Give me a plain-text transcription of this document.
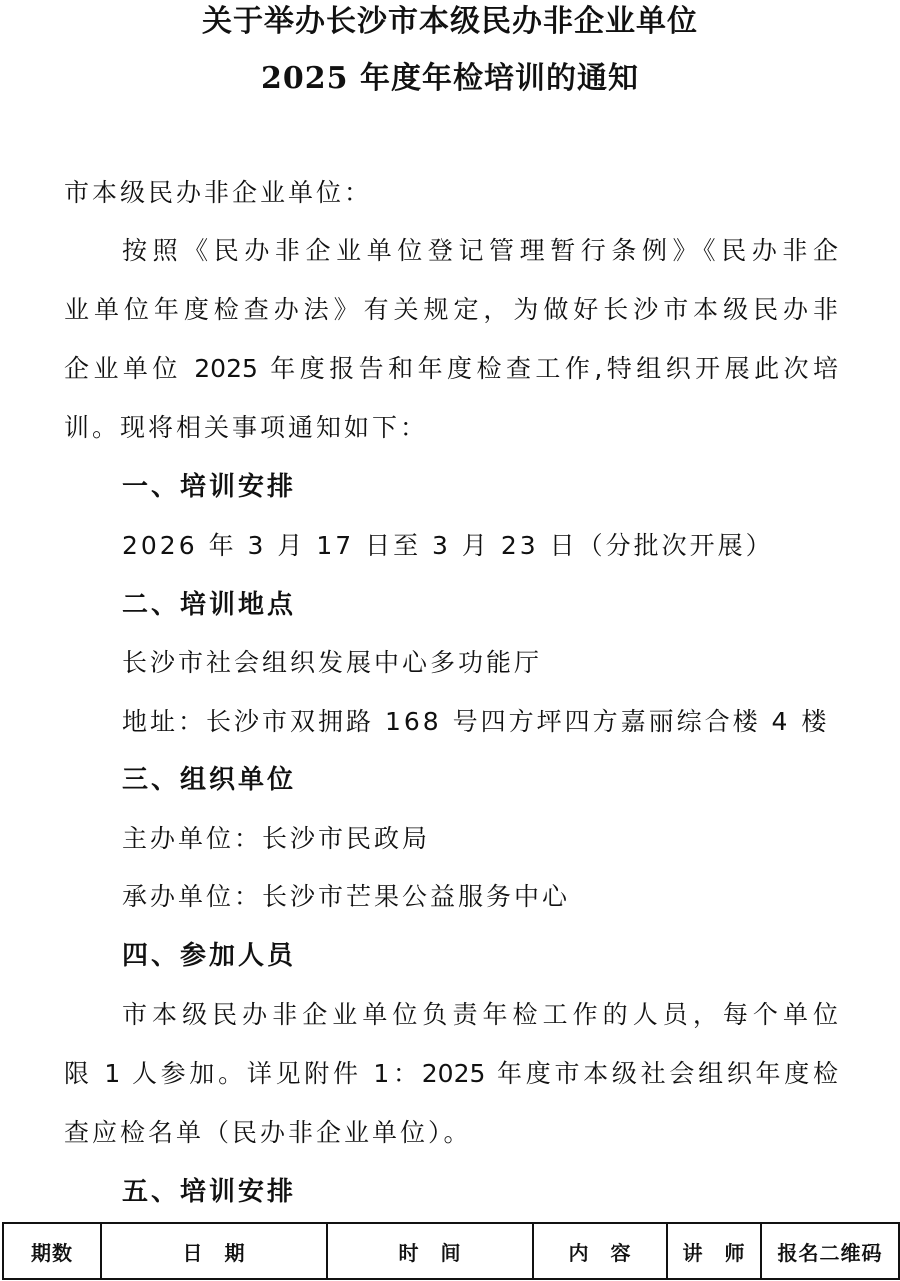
关于举办长沙市本级民办非企业单位
2025 年度年检培训的通知
市本级民办非企业单位：
按照《民办非企业单位登记管理暂行条例》《民办非企
业单位年度检查办法》有关规定，为做好长沙市本级民办非
企业单位 2025 年度报告和年度检查工作,特组织开展此次培
训。现将相关事项通知如下：
一、培训安排
2026 年 3 月 17 日至 3 月 23 日（分批次开展）
二、培训地点
长沙市社会组织发展中心多功能厅
地址：长沙市双拥路 168 号四方坪四方嘉丽综合楼 4 楼
三、组织单位
主办单位：长沙市民政局
承办单位：长沙市芒果公益服务中心
四、参加人员
市本级民办非企业单位负责年检工作的人员，每个单位
限 1 人参加。详见附件 1：2025 年度市本级社会组织年度检
查应检名单（民办非企业单位）。
五、培训安排
期数	日　期	时　间	内　容	讲　师	报名二维码
